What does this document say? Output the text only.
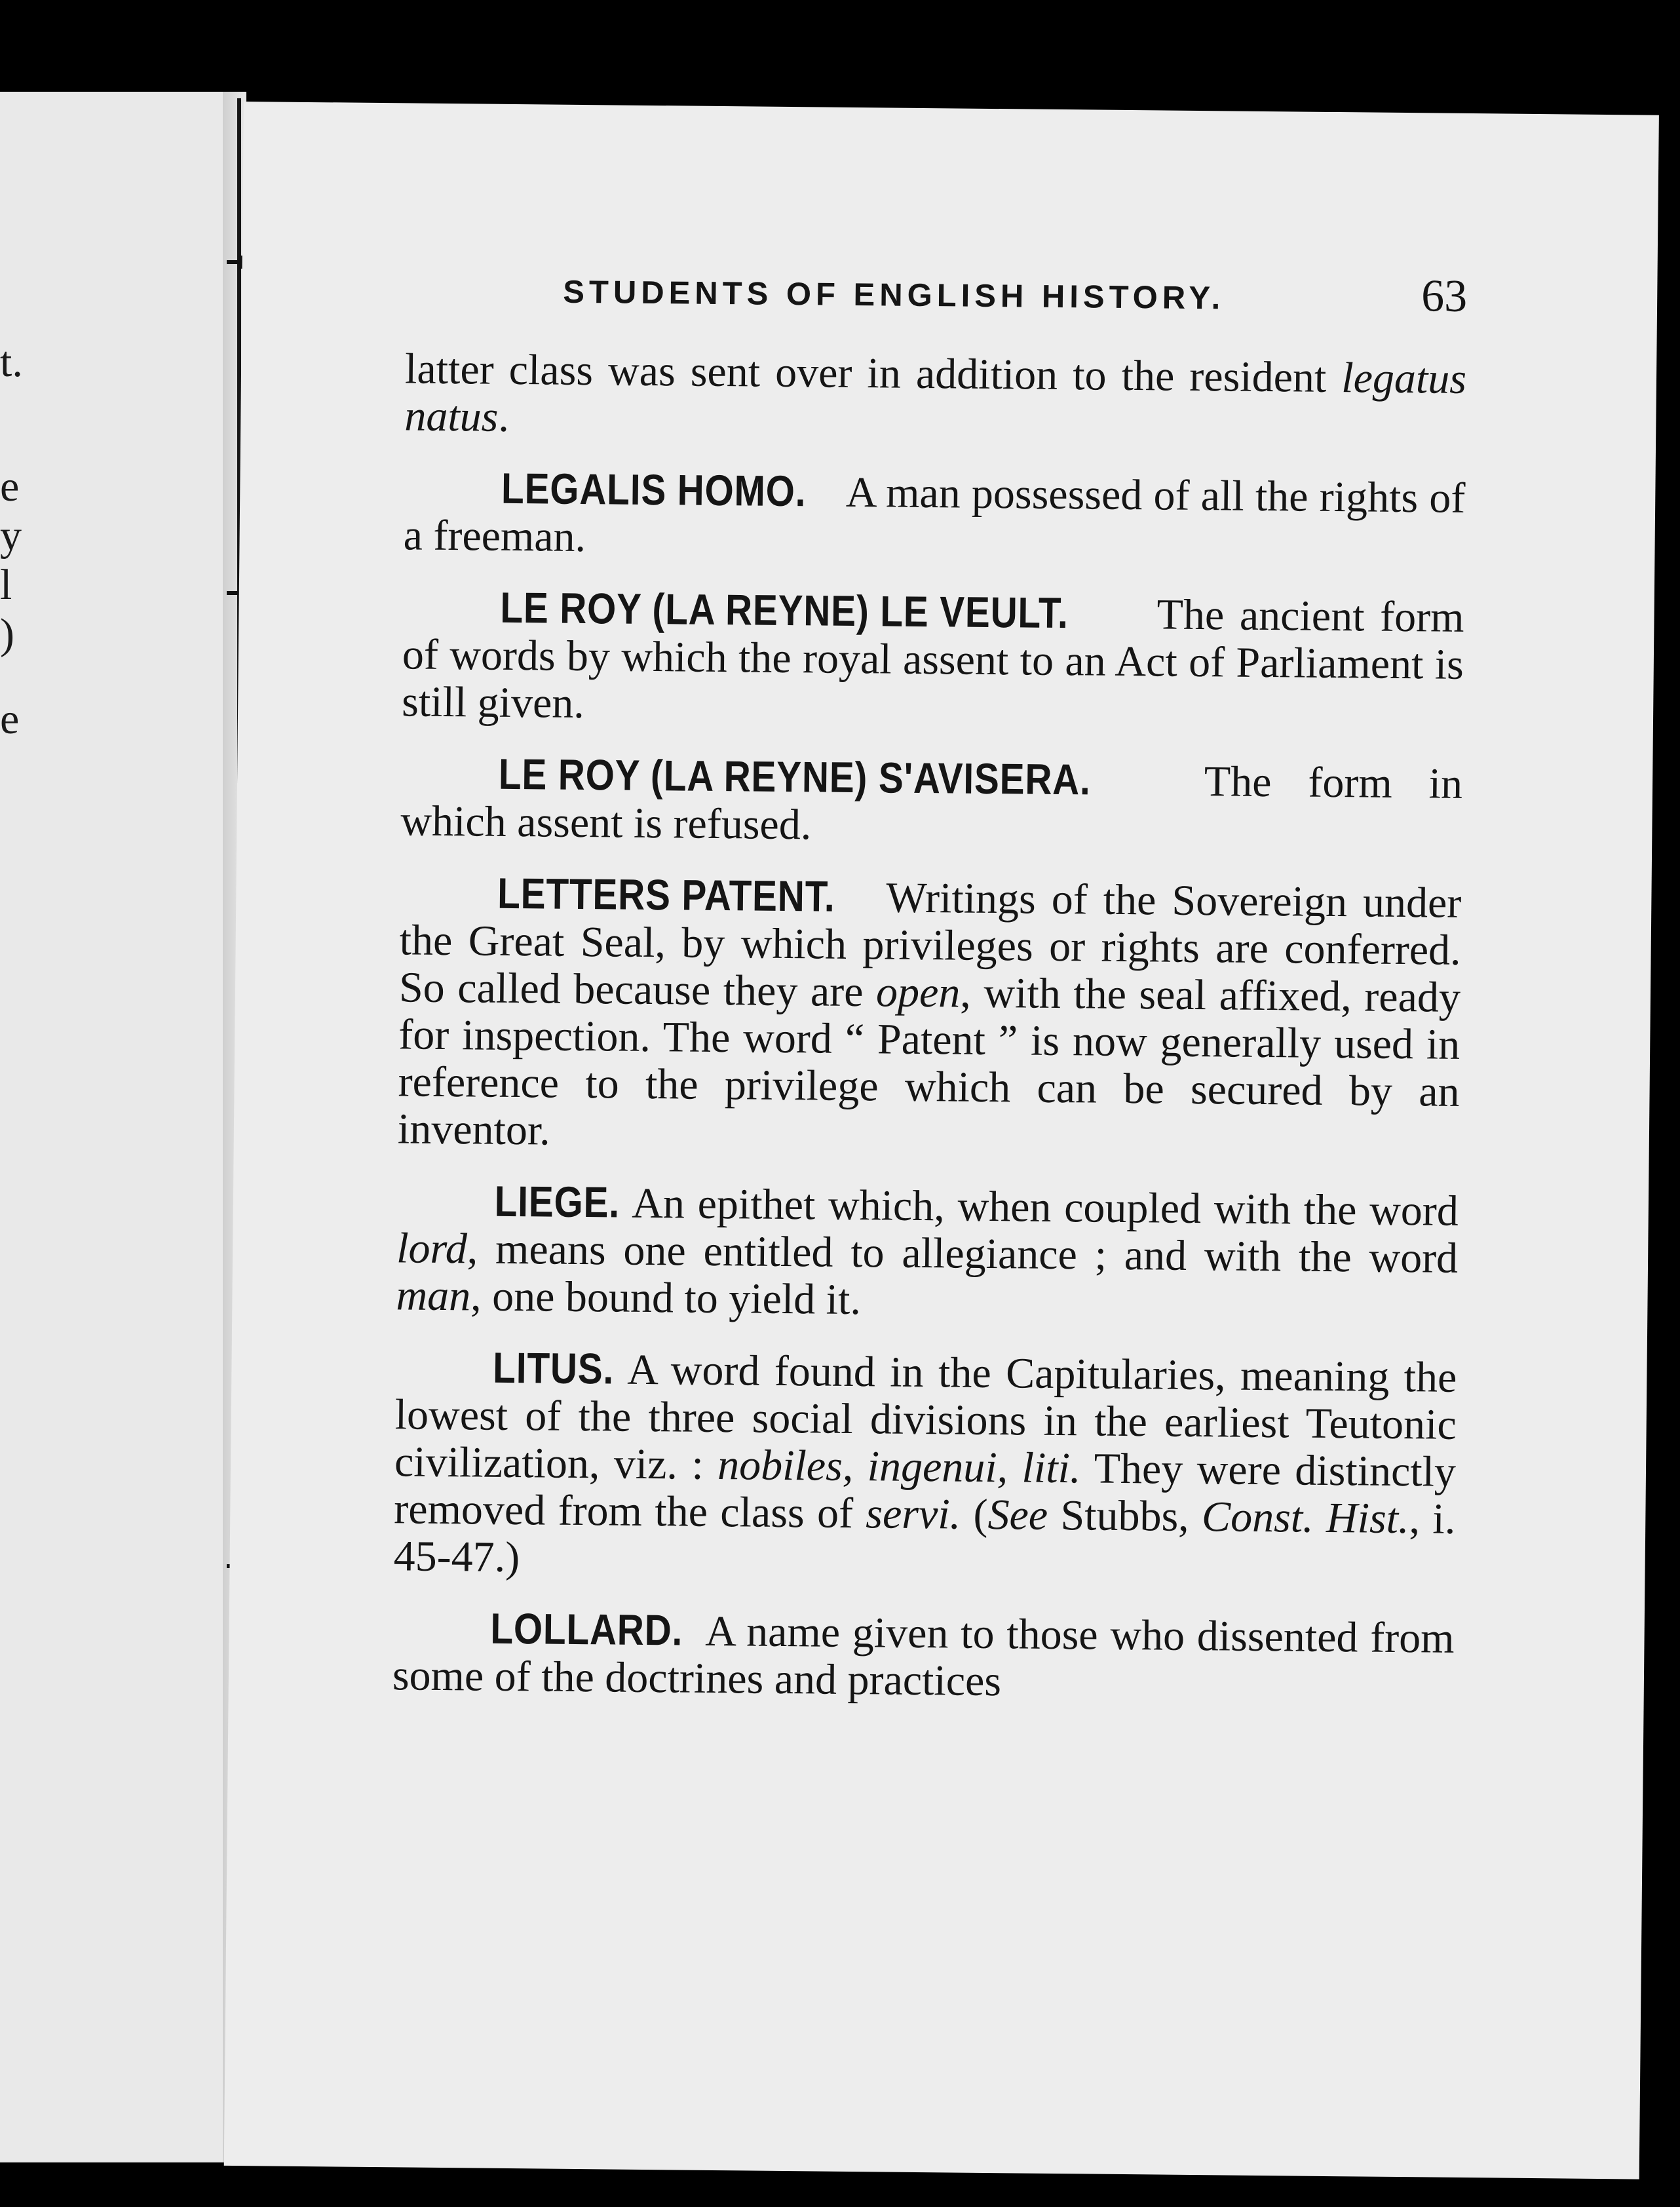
t.
e
y
l
)
e
STUDENTS OF ENGLISH HISTORY.	63

latter class was sent over in addition to the resident legatus natus.

LEGALIS HOMO. A man possessed of all the rights of a freeman.

LE ROY (LA REYNE) LE VEULT. The ancient form of words by which the royal assent to an Act of Parliament is still given.

LE ROY (LA REYNE) S'AVISERA.	The form in which assent is refused.

LETTERS PATENT. Writings of the Sovereign under the Great Seal, by which privileges or rights are conferred. So called because they are open, with the seal affixed, ready for inspection. The word “ Patent ” is now generally used in reference to the privilege which can be secured by an inventor.

LIEGE. An epithet which, when coupled with the word lord, means one entitled to allegiance ; and with the word man, one bound to yield it.

LITUS. A word found in the Capitularies, meaning the lowest of the three social divisions in the earliest Teutonic civilization, viz. : nobiles, ingenui, liti. They were distinctly removed from the class of servi. (See Stubbs, Const. Hist., i. 45-47.)

LOLLARD. A name given to those who dissented from some of the doctrines and practices
